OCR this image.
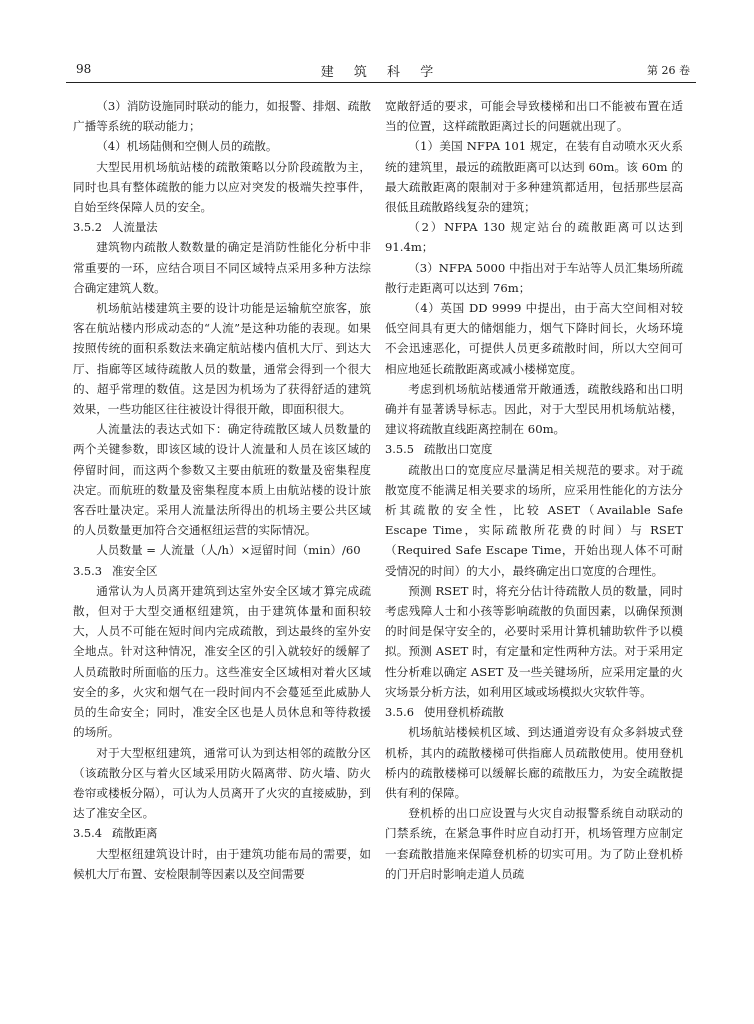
98	建 筑 科 学	第 26 卷

（3）消防设施同时联动的能力，如报警、排烟、疏散广播等系统的联动能力；

（4）机场陆侧和空侧人员的疏散。

大型民用机场航站楼的疏散策略以分阶段疏散为主，同时也具有整体疏散的能力以应对突发的极端失控事件，自始至终保障人员的安全。

3.5.2 人流量法

建筑物内疏散人数数量的确定是消防性能化分析中非常重要的一环，应结合项目不同区域特点采用多种方法综合确定建筑人数。

机场航站楼建筑主要的设计功能是运输航空旅客，旅客在航站楼内形成动态的“人流”是这种功能的表现。如果按照传统的面积系数法来确定航站楼内值机大厅、到达大厅、指廊等区域待疏散人员的数量，通常会得到一个很大的、超乎常理的数值。这是因为机场为了获得舒适的建筑效果，一些功能区往往被设计得很开敞，即面积很大。

人流量法的表达式如下：确定待疏散区域人员数量的两个关键参数，即该区域的设计人流量和人员在该区域的停留时间，而这两个参数又主要由航班的数量及密集程度决定。而航班的数量及密集程度本质上由航站楼的设计旅客吞吐量决定。采用人流量法所得出的机场主要公共区域的人员数量更加符合交通枢纽运营的实际情况。

人员数量 = 人流量（人/h）×逗留时间（min）/60

3.5.3 准安全区

通常认为人员离开建筑到达室外安全区域才算完成疏散，但对于大型交通枢纽建筑，由于建筑体量和面积较大，人员不可能在短时间内完成疏散，到达最终的室外安全地点。针对这种情况，准安全区的引入就较好的缓解了人员疏散时所面临的压力。这些准安全区域相对着火区域安全的多，火灾和烟气在一段时间内不会蔓延至此威胁人员的生命安全；同时，准安全区也是人员休息和等待救援的场所。

对于大型枢纽建筑，通常可认为到达相邻的疏散分区（该疏散分区与着火区域采用防火隔离带、防火墙、防火卷帘或楼板分隔），可认为人员离开了火灾的直接威胁，到达了准安全区。

3.5.4 疏散距离

大型枢纽建筑设计时，由于建筑功能布局的需要，如候机大厅布置、安检限制等因素以及空间需要

宽敞舒适的要求，可能会导致楼梯和出口不能被布置在适当的位置，这样疏散距离过长的问题就出现了。

（1）美国 NFPA 101 规定，在装有自动喷水灭火系统的建筑里，最远的疏散距离可以达到 60m。该 60m 的最大疏散距离的限制对于多种建筑都适用，包括那些层高很低且疏散路线复杂的建筑；

（2）NFPA 130 规定站台的疏散距离可以达到 91.4m；

（3）NFPA 5000 中指出对于车站等人员汇集场所疏散行走距离可以达到 76m；

（4）英国 DD 9999 中提出，由于高大空间相对较低空间具有更大的储烟能力，烟气下降时间长，火场环境不会迅速恶化，可提供人员更多疏散时间，所以大空间可相应地延长疏散距离或减小楼梯宽度。

考虑到机场航站楼通常开敞通透，疏散线路和出口明确并有显著诱导标志。因此，对于大型民用机场航站楼，建议将疏散直线距离控制在 60m。

3.5.5 疏散出口宽度

疏散出口的宽度应尽量满足相关规范的要求。对于疏散宽度不能满足相关要求的场所，应采用性能化的方法分析其疏散的安全性，比较 ASET（Available Safe Escape Time，实际疏散所花费的时间）与 RSET（Required Safe Escape Time，开始出现人体不可耐受情况的时间）的大小，最终确定出口宽度的合理性。

预测 RSET 时，将充分估计待疏散人员的数量，同时考虑残障人士和小孩等影响疏散的负面因素，以确保预测的时间是保守安全的，必要时采用计算机辅助软件予以模拟。预测 ASET 时，有定量和定性两种方法。对于采用定性分析难以确定 ASET 及一些关键场所，应采用定量的火灾场景分析方法，如利用区域或场模拟火灾软件等。

3.5.6 使用登机桥疏散

机场航站楼候机区域、到达通道旁设有众多斜坡式登机桥，其内的疏散楼梯可供指廊人员疏散使用。使用登机桥内的疏散楼梯可以缓解长廊的疏散压力，为安全疏散提供有利的保障。

登机桥的出口应设置与火灾自动报警系统自动联动的门禁系统，在紧急事件时应自动打开，机场管理方应制定一套疏散措施来保障登机桥的切实可用。为了防止登机桥的门开启时影响走道人员疏
